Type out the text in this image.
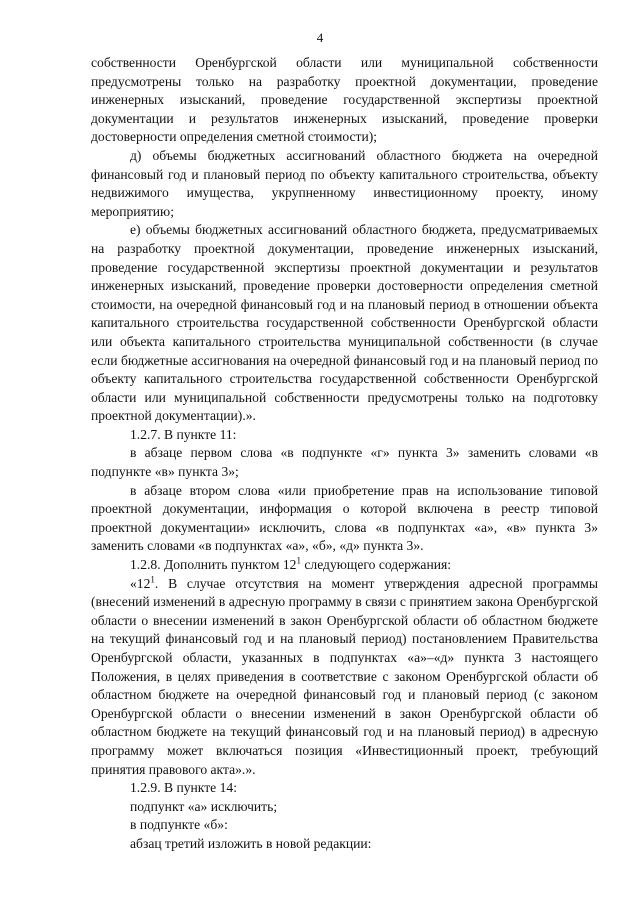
4

собственности Оренбургской области или муниципальной собственности предусмотрены только на разработку проектной документации, проведение инженерных изысканий, проведение государственной экспертизы проектной документации и результатов инженерных изысканий, проведение проверки достоверности определения сметной стоимости);

д) объемы бюджетных ассигнований областного бюджета на очередной финансовый год и плановый период по объекту капитального строительства, объекту недвижимого имущества, укрупненному инвестиционному проекту, иному мероприятию;

е) объемы бюджетных ассигнований областного бюджета, предусматриваемых на разработку проектной документации, проведение инженерных изысканий, проведение государственной экспертизы проектной документации и результатов инженерных изысканий, проведение проверки достоверности определения сметной стоимости, на очередной финансовый год и на плановый период в отношении объекта капитального строительства государственной собственности Оренбургской области или объекта капитального строительства муниципальной собственности (в случае если бюджетные ассигнования на очередной финансовый год и на плановый период по объекту капитального строительства государственной собственности Оренбургской области или муниципальной собственности предусмотрены только на подготовку проектной документации).».

1.2.7. В пункте 11:

в абзаце первом слова «в подпункте «г» пункта 3» заменить словами «в подпункте «в» пункта 3»;

в абзаце втором слова «или приобретение прав на использование типовой проектной документации, информация о которой включена в реестр типовой проектной документации» исключить, слова «в подпунктах «а», «в» пункта 3» заменить словами «в подпунктах «а», «б», «д» пункта 3».

1.2.8. Дополнить пунктом $12^1$ следующего содержания:

«$12^1$. В случае отсутствия на момент утверждения адресной программы (внесений изменений в адресную программу в связи с принятием закона Оренбургской области о внесении изменений в закон Оренбургской области об областном бюджете на текущий финансовый год и на плановый период) постановлением Правительства Оренбургской области, указанных в подпунктах «а»–«д» пункта 3 настоящего Положения, в целях приведения в соответствие с законом Оренбургской области об областном бюджете на очередной финансовый год и плановый период (с законом Оренбургской области о внесении изменений в закон Оренбургской области об областном бюджете на текущий финансовый год и на плановый период) в адресную программу может включаться позиция «Инвестиционный проект, требующий принятия правового акта».».

1.2.9. В пункте 14:

подпункт «а» исключить;

в подпункте «б»:

абзац третий изложить в новой редакции:
